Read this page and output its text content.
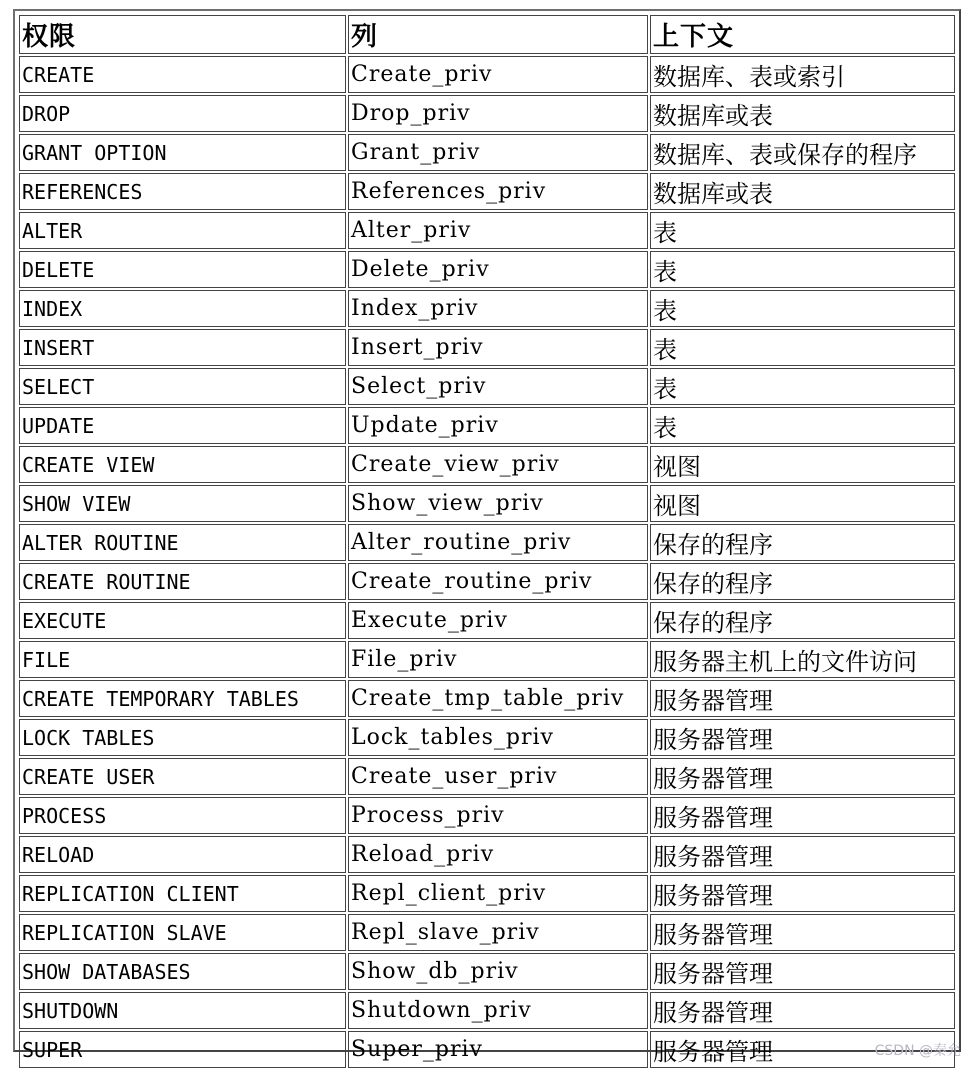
权限	列	上下文
CREATE	Create_priv	数据库、表或索引
DROP	Drop_priv	数据库或表
GRANT OPTION	Grant_priv	数据库、表或保存的程序
REFERENCES	References_priv	数据库或表
ALTER	Alter_priv	表
DELETE	Delete_priv	表
INDEX	Index_priv	表
INSERT	Insert_priv	表
SELECT	Select_priv	表
UPDATE	Update_priv	表
CREATE VIEW	Create_view_priv	视图
SHOW VIEW	Show_view_priv	视图
ALTER ROUTINE	Alter_routine_priv	保存的程序
CREATE ROUTINE	Create_routine_priv	保存的程序
EXECUTE	Execute_priv	保存的程序
FILE	File_priv	服务器主机上的文件访问
CREATE TEMPORARY TABLES	Create_tmp_table_priv	服务器管理
LOCK TABLES	Lock_tables_priv	服务器管理
CREATE USER	Create_user_priv	服务器管理
PROCESS	Process_priv	服务器管理
RELOAD	Reload_priv	服务器管理
REPLICATION CLIENT	Repl_client_priv	服务器管理
REPLICATION SLAVE	Repl_slave_priv	服务器管理
SHOW DATABASES	Show_db_priv	服务器管理
SHUTDOWN	Shutdown_priv	服务器管理
SUPER	Super_priv	服务器管理	CSDN @秦允
